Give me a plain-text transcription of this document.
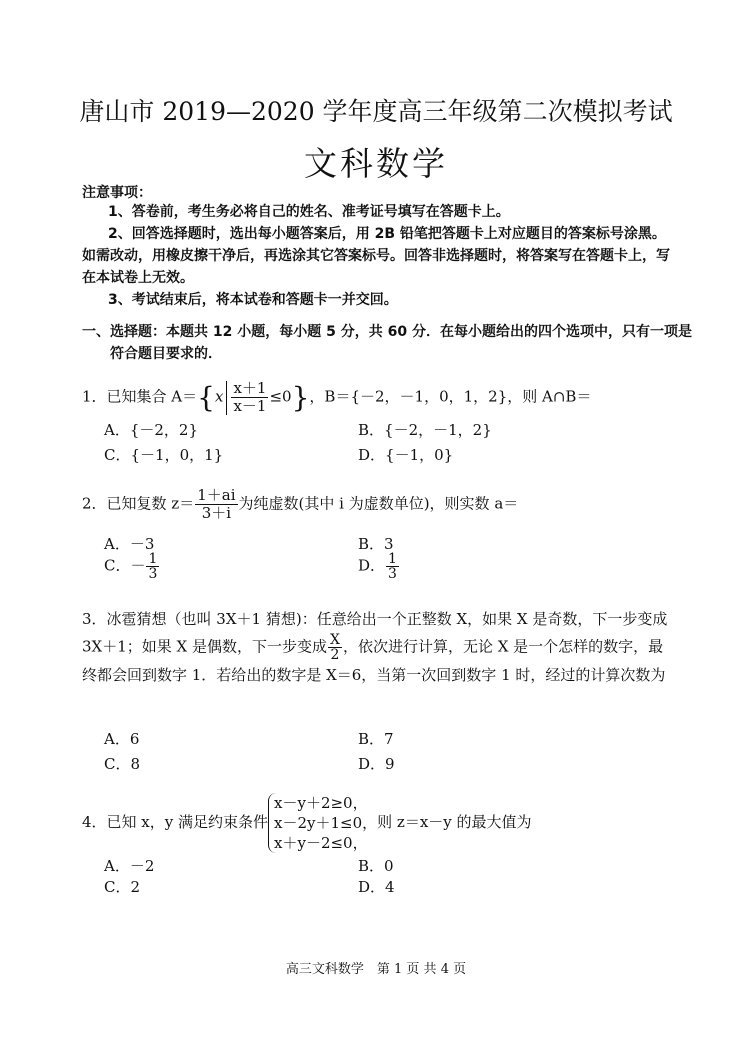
唐山市 2019—2020 学年度高三年级第二次模拟考试
文科数学
注意事项：
1、答卷前，考生务必将自己的姓名、准考证号填写在答题卡上。
2、回答选择题时，选出每小题答案后，用 2B 铅笔把答题卡上对应题目的答案标号涂黑。如需改动，用橡皮擦干净后，再选涂其它答案标号。回答非选择题时，将答案写在答题卡上，写在本试卷上无效。
3、考试结束后，将本试卷和答题卡一并交回。
一、选择题：本题共 12 小题，每小题 5 分，共 60 分．在每小题给出的四个选项中，只有一项是符合题目要求的．
1．已知集合 $A=\{x \frac{x+1}{x-1} \le 0\}$，B＝{－2，－1，0，1，2}，则 A∩B＝
A．{－2，2}	B．{－2，－1，2}
C．{－1，0，1}	D．{－1，0}
2．已知复数 $z= \frac{1+ai}{3+i}$ 为纯虚数(其中 i 为虚数单位)，则实数 a＝
A．－3	B．3
C．－ $\frac{1}{3}$	D． $\frac{1}{3}$
3．冰雹猜想（也叫 3X＋1 猜想)：任意给出一个正整数 X，如果 X 是奇数，下一步变成 3X＋1；如果 X 是偶数，下一步变成 $\frac{X}{2}$ ，依次进行计算，无论 X 是一个怎样的数字，最终都会回到数字 1．若给出的数字是 X＝6，当第一次回到数字 1 时，经过的计算次数为
A．6	B．7
C．8	D．9
4．已知 x，y 满足约束条件
x－y＋2≥0，
x－2y＋1≤0，
x＋y－2≤0，
则 z＝x－y 的最大值为
A．－2	B．0
C．2	D．4
高三文科数学　第 1 页 共 4 页
